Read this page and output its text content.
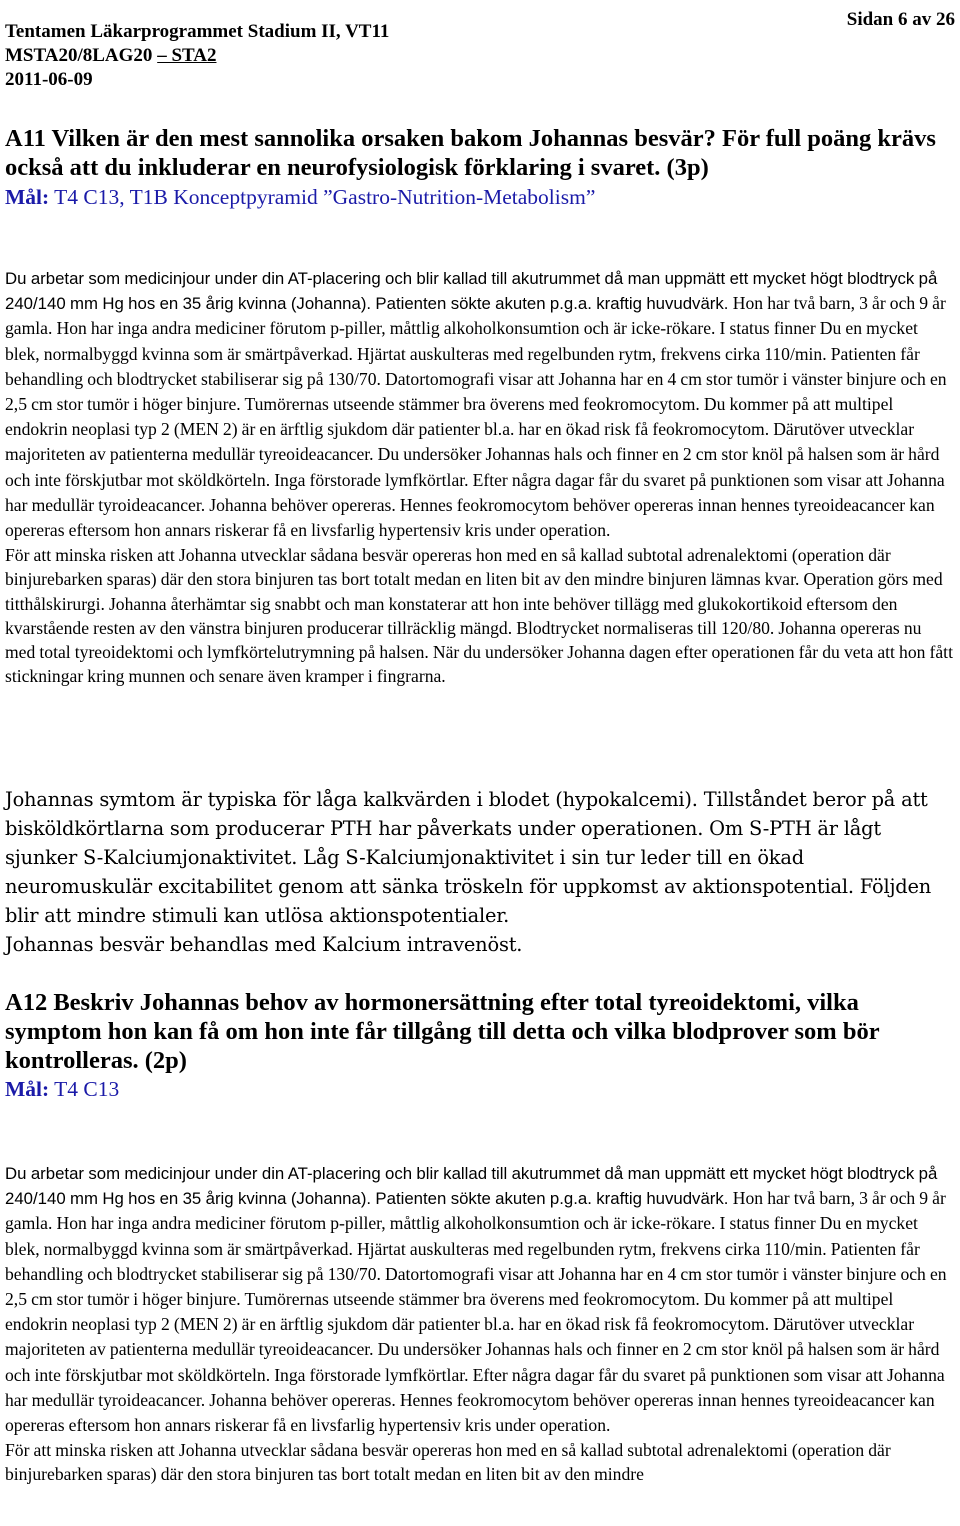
Tentamen Läkarprogrammet Stadium II, VT11
Sidan 6 av 26
MSTA20/8LAG20 – STA2
2011-06-09
A11 Vilken är den mest sannolika orsaken bakom Johannas besvär? För full poäng krävs också att du inkluderar en neurofysiologisk förklaring i svaret. (3p)
Mål: T4 C13, T1B Konceptpyramid ”Gastro-Nutrition-Metabolism”

Du arbetar som medicinjour under din AT-placering och blir kallad till akutrummet då man uppmätt ett mycket högt blodtryck på 240/140 mm Hg hos en 35 årig kvinna (Johanna). Patienten sökte akuten p.g.a. kraftig huvudvärk. Hon har två barn, 3 år och 9 år gamla. Hon har inga andra mediciner förutom p-piller, måttlig alkoholkonsumtion och är icke-rökare. I status finner Du en mycket blek, normalbyggd kvinna som är smärtpåverkad. Hjärtat auskulteras med regelbunden rytm, frekvens cirka 110/min. Patienten får behandling och blodtrycket stabiliserar sig på 130/70. Datortomografi visar att Johanna har en 4 cm stor tumör i vänster binjure och en 2,5 cm stor tumör i höger binjure. Tumörernas utseende stämmer bra överens med feokromocytom. Du kommer på att multipel endokrin neoplasi typ 2 (MEN 2) är en ärftlig sjukdom där patienter bl.a. har en ökad risk få feokromocytom. Därutöver utvecklar majoriteten av patienterna medullär tyreoideacancer. Du undersöker Johannas hals och finner en 2 cm stor knöl på halsen som är hård och inte förskjutbar mot sköldkörteln. Inga förstorade lymfkörtlar. Efter några dagar får du svaret på punktionen som visar att Johanna har medullär tyroideacancer. Johanna behöver opereras. Hennes feokromocytom behöver opereras innan hennes tyreoideacancer kan opereras eftersom hon annars riskerar få en livsfarlig hypertensiv kris under operation.

För att minska risken att Johanna utvecklar sådana besvär opereras hon med en så kallad subtotal adrenalektomi (operation där binjurebarken sparas) där den stora binjuren tas bort totalt medan en liten bit av den mindre binjuren lämnas kvar. Operation görs med titthålskirurgi. Johanna återhämtar sig snabbt och man konstaterar att hon inte behöver tillägg med glukokortikoid eftersom den kvarstående resten av den vänstra binjuren producerar tillräcklig mängd. Blodtrycket normaliseras till 120/80. Johanna opereras nu med total tyreoidektomi och lymfkörtelutrymning på halsen. När du undersöker Johanna dagen efter operationen får du veta att hon fått stickningar kring munnen och senare även kramper i fingrarna.

Johannas symtom är typiska för låga kalkvärden i blodet (hypokalcemi). Tillståndet beror på att bisköldkörtlarna som producerar PTH har påverkats under operationen. Om S-PTH är lågt sjunker S-Kalciumjonaktivitet. Låg S-Kalciumjonaktivitet i sin tur leder till en ökad neuromuskulär excitabilitet genom att sänka tröskeln för uppkomst av aktionspotential. Följden blir att mindre stimuli kan utlösa aktionspotentialer.

Johannas besvär behandlas med Kalcium intravenöst.

A12 Beskriv Johannas behov av hormonersättning efter total tyreoidektomi, vilka symptom hon kan få om hon inte får tillgång till detta och vilka blodprover som bör kontrolleras. (2p)
Mål: T4 C13

Du arbetar som medicinjour under din AT-placering och blir kallad till akutrummet då man uppmätt ett mycket högt blodtryck på 240/140 mm Hg hos en 35 årig kvinna (Johanna). Patienten sökte akuten p.g.a. kraftig huvudvärk. Hon har två barn, 3 år och 9 år gamla. Hon har inga andra mediciner förutom p-piller, måttlig alkoholkonsumtion och är icke-rökare. I status finner Du en mycket blek, normalbyggd kvinna som är smärtpåverkad. Hjärtat auskulteras med regelbunden rytm, frekvens cirka 110/min. Patienten får behandling och blodtrycket stabiliserar sig på 130/70. Datortomografi visar att Johanna har en 4 cm stor tumör i vänster binjure och en 2,5 cm stor tumör i höger binjure. Tumörernas utseende stämmer bra överens med feokromocytom. Du kommer på att multipel endokrin neoplasi typ 2 (MEN 2) är en ärftlig sjukdom där patienter bl.a. har en ökad risk få feokromocytom. Därutöver utvecklar majoriteten av patienterna medullär tyreoideacancer. Du undersöker Johannas hals och finner en 2 cm stor knöl på halsen som är hård och inte förskjutbar mot sköldkörteln. Inga förstorade lymfkörtlar. Efter några dagar får du svaret på punktionen som visar att Johanna har medullär tyroideacancer. Johanna behöver opereras. Hennes feokromocytom behöver opereras innan hennes tyreoideacancer kan opereras eftersom hon annars riskerar få en livsfarlig hypertensiv kris under operation.

För att minska risken att Johanna utvecklar sådana besvär opereras hon med en så kallad subtotal adrenalektomi (operation där binjurebarken sparas) där den stora binjuren tas bort totalt medan en liten bit av den mindre
